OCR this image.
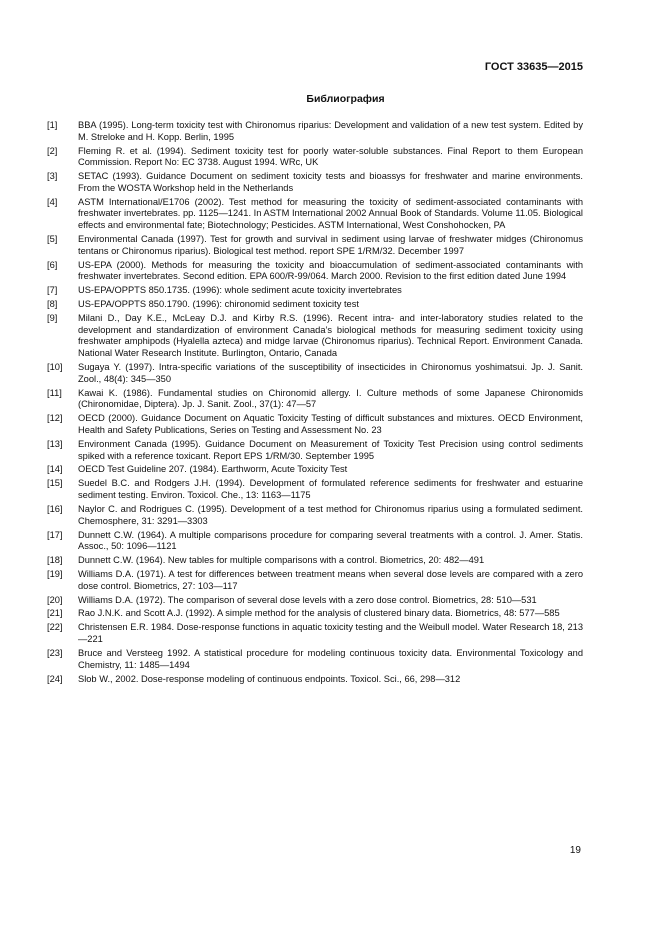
ГОСТ 33635—2015
Библиография
[1]	BBA (1995). Long-term toxicity test with Chironomus riparius: Development and validation of a new test system. Edited by M. Streloke and H. Kopp. Berlin, 1995
[2]	Fleming R. et al. (1994). Sediment toxicity test for poorly water-soluble substances. Final Report to them European Commission. Report No: EC 3738. August 1994. WRc, UK
[3]	SETAC (1993). Guidance Document on sediment toxicity tests and bioassys for freshwater and marine environments. From the WOSTA Workshop held in the Netherlands
[4]	ASTM International/E1706 (2002). Test method for measuring the toxicity of sediment-associated contaminants with freshwater invertebrates. pp. 1125—1241. In ASTM International 2002 Annual Book of Standards. Volume 11.05. Biological effects and environmental fate; Biotechnology; Pesticides. ASTM International, West Conshohocken, PA
[5]	Environmental Canada (1997). Test for growth and survival in sediment using larvae of freshwater midges (Chironomus tentans or Chironomus riparius). Biological test method. report SPE 1/RM/32. December 1997
[6]	US-EPA (2000). Methods for measuring the toxicity and bioaccumulation of sediment-associated contaminants with freshwater invertebrates. Second edition. EPA 600/R-99/064. March 2000. Revision to the first edition dated June 1994
[7]	US-EPA/OPPTS 850.1735. (1996): whole sediment acute toxicity invertebrates
[8]	US-EPA/OPPTS 850.1790. (1996): chironomid sediment toxicity test
[9]	Milani D., Day K.E., McLeay D.J. and Kirby R.S. (1996). Recent intra- and inter-laboratory studies related to the development and standardization of environment Canada’s biological methods for measuring sediment toxicity using freshwater amphipods (Hyalella azteca) and midge larvae (Chironomus riparius). Technical Report. Environment Canada. National Water Research Institute. Burlington, Ontario, Canada
[10]	Sugaya Y. (1997). Intra-specific variations of the susceptibility of insecticides in Chironomus yoshimatsui. Jp. J. Sanit. Zool., 48(4): 345—350
[11]	Kawai K. (1986). Fundamental studies on Chironomid allergy. I. Culture methods of some Japanese Chironomids (Chironomidae, Diptera). Jp. J. Sanit. Zool., 37(1): 47—57
[12]	OECD (2000). Guidance Document on Aquatic Toxicity Testing of difficult substances and mixtures. OECD Environment, Health and Safety Publications, Series on Testing and Assessment No. 23
[13]	Environment Canada (1995). Guidance Document on Measurement of Toxicity Test Precision using control sediments spiked with a reference toxicant. Report EPS 1/RM/30. September 1995
[14]	OECD Test Guideline 207. (1984). Earthworm, Acute Toxicity Test
[15]	Suedel B.C. and Rodgers J.H. (1994). Development of formulated reference sediments for freshwater and estuarine sediment testing. Environ. Toxicol. Che., 13: 1163—1175
[16]	Naylor C. and Rodrigues C. (1995). Development of a test method for Chironomus riparius using a formulated sediment. Chemosphere, 31: 3291—3303
[17]	Dunnett C.W. (1964). A multiple comparisons procedure for comparing several treatments with a control. J. Amer. Statis. Assoc., 50: 1096—1121
[18]	Dunnett C.W. (1964). New tables for multiple comparisons with a control. Biometrics, 20: 482—491
[19]	Williams D.A. (1971). A test for differences between treatment means when several dose levels are compared with a zero dose control. Biometrics, 27: 103—117
[20]	Williams D.A. (1972). The comparison of several dose levels with a zero dose control. Biometrics, 28: 510—531
[21]	Rao J.N.K. and Scott A.J. (1992). A simple method for the analysis of clustered binary data. Biometrics, 48: 577—585
[22]	Christensen E.R. 1984. Dose-response functions in aquatic toxicity testing and the Weibull model. Water Research 18, 213—221
[23]	Bruce and Versteeg 1992. A statistical procedure for modeling continuous toxicity data. Environmental Toxicology and Chemistry, 11: 1485—1494
[24]	Slob W., 2002. Dose-response modeling of continuous endpoints. Toxicol. Sci., 66, 298—312
19
